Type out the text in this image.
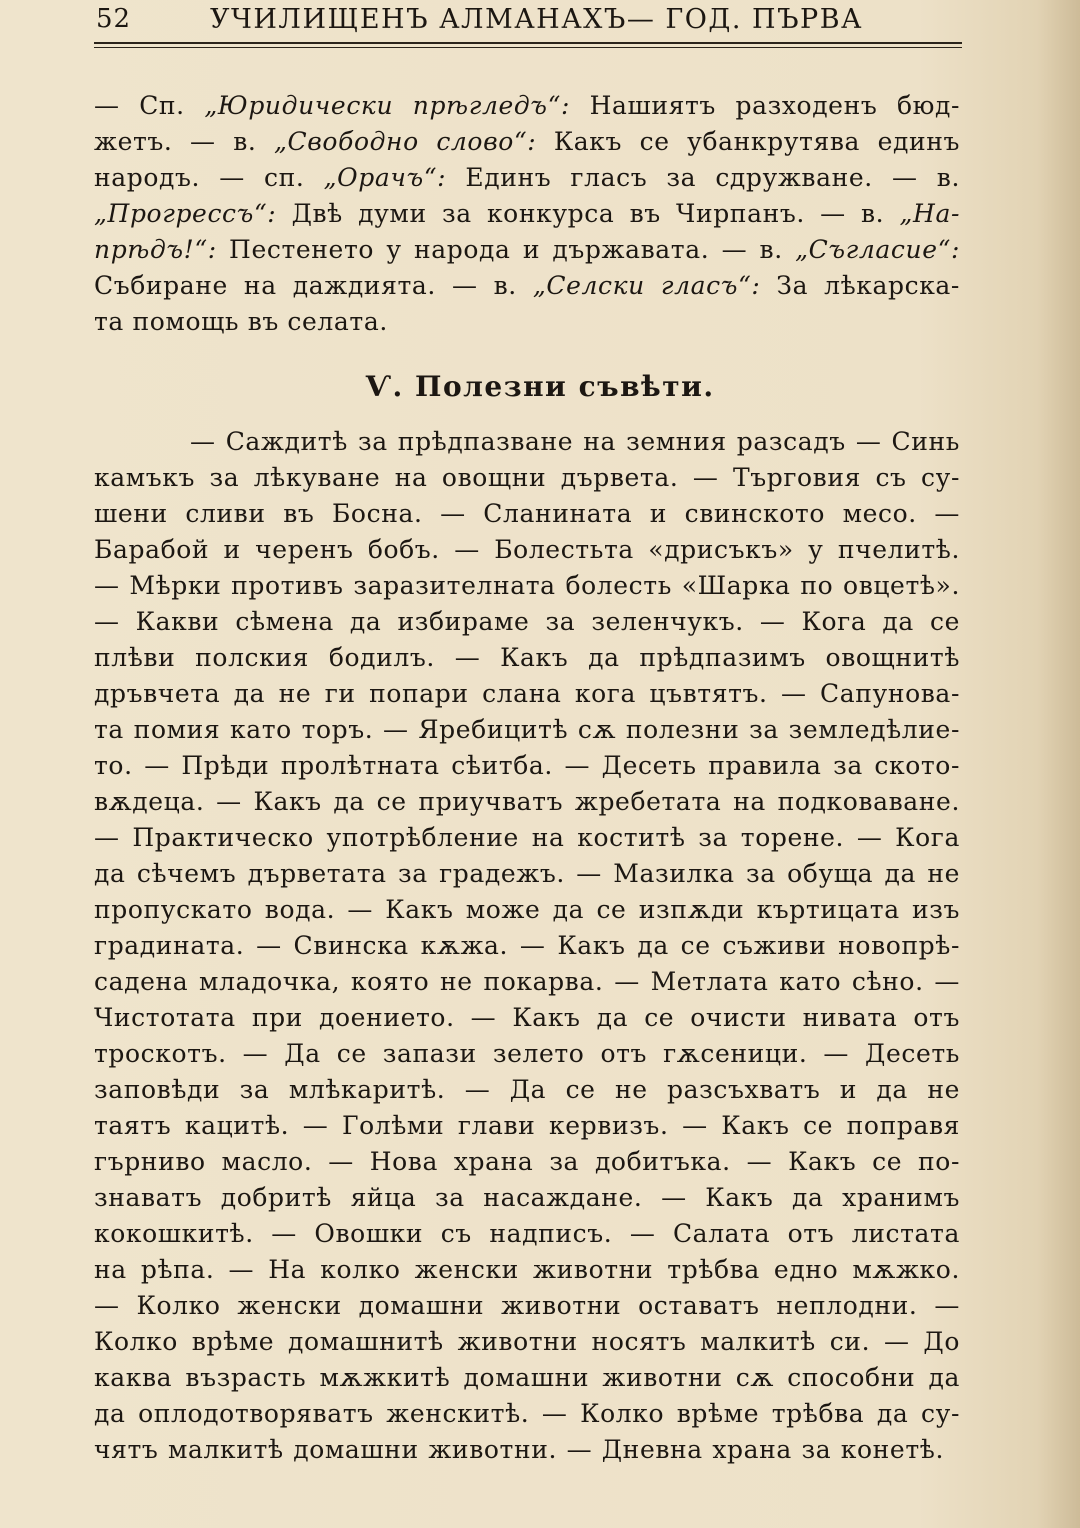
52	УЧИЛИЩЕНЪ АЛМАНАХЪ— ГОД. ПЪРВА
— Сп. „Юридически прѣгледъ“: Нашиятъ разходенъ бюд-
жетъ. — в. „Свободно слово“: Какъ се убанкрутява единъ
народъ. — сп. „Орачъ“: Единъ гласъ за сдружване. — в.
„Прогрессъ“: Двѣ думи за конкурса въ Чирпанъ. — в. „На-
прѣдъ!“: Пестенето у народа и държавата. — в. „Съгласие“:
Събиране на даждията. — в. „Селски гласъ“: За лѣкарска-
та помощь въ селата.
Ѵ. Полезни съвѣти.
— Саждитѣ за прѣдпазване на земния разсадъ — Синь
камъкъ за лѣкуване на овощни дървета. — Търговия съ су-
шени сливи въ Босна. — Сланината и свинското месо. —
Барабой и черенъ бобъ. — Болестьта «дрисъкъ» у пчелитѣ.
— Мѣрки противъ заразителната болесть «Шарка по овцетѣ».
— Какви сѣмена да избираме за зеленчукъ. — Кога да се
плѣви полския бодилъ. — Какъ да прѣдпазимъ овощнитѣ
дръвчета да не ги попари слана кога цъвтятъ. — Сапунова-
та помия като торъ. — Яребицитѣ сѫ полезни за земледѣлие-
то. — Прѣди пролѣтната сѣитба. — Десеть правила за ското-
вѫдеца. — Какъ да се приучватъ жребетата на подковаване.
— Практическо употрѣбление на коститѣ за торене. — Кога
да сѣчемъ дърветата за градежъ. — Мазилка за обуща да не
пропускато вода. — Какъ може да се изпѫди къртицата изъ
градината. — Свинска кѫжа. — Какъ да се съживи новопрѣ-
садена младочка, която не покарва. — Метлата като сѣно. —
Чистотата при доението. — Какъ да се очисти нивата отъ
троскотъ. — Да се запази зелето отъ гѫсеници. — Десеть
заповѣди за млѣкаритѣ. — Да се не разсъхватъ и да не
таятъ кацитѣ. — Голѣми глави кервизъ. — Какъ се поправя
гърниво масло. — Нова храна за добитъка. — Какъ се по-
знаватъ добритѣ яйца за насаждане. — Какъ да хранимъ
кокошкитѣ. — Овошки съ надписъ. — Салата отъ листата
на рѣпа. — На колко женски животни трѣбва едно мѫжко.
— Колко женски домашни животни оставатъ неплодни. —
Колко врѣме домашнитѣ животни носятъ малкитѣ си. — До
каква възрасть мѫжкитѣ домашни животни сѫ способни да
да оплодотворяватъ женскитѣ. — Колко врѣме трѣбва да су-
чятъ малкитѣ домашни животни. — Дневна храна за конетѣ.
